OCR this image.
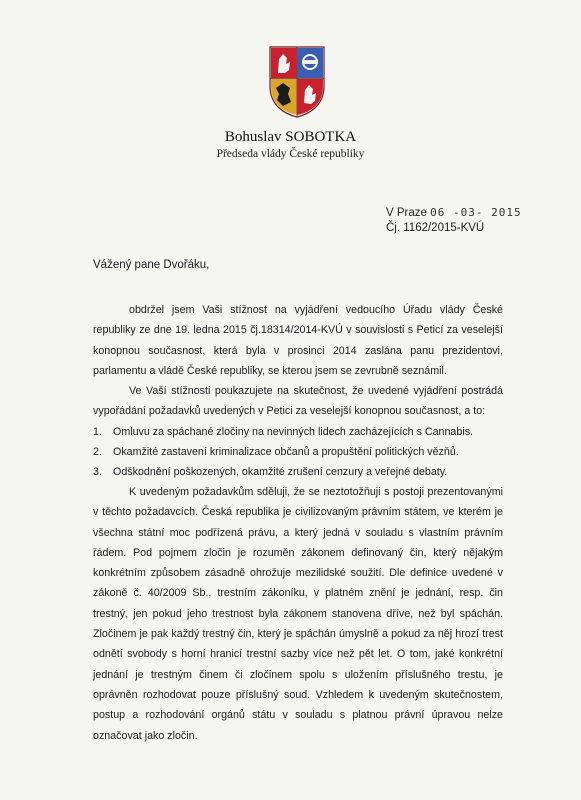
Bohuslav SOBOTKA
Předseda vlády České republiky
V Praze 06 -03- 2015
Čj. 1162/2015-KVÚ
Vážený pane Dvořáku,

obdržel jsem Vaši stížnost na vyjádření vedoucího Úřadu vlády České republiky ze dne 19. ledna 2015 čj.18314/2014-KVÚ v souvislosti s Peticí za veselejší konopnou současnost, která byla v prosinci 2014 zaslána panu prezidentovi, parlamentu a vládě České republiky, se kterou jsem se zevrubně seznámil.

Ve Vaší stížnosti poukazujete na skutečnost, že uvedené vyjádření postrádá vypořádání požadavků uvedených v Petici za veselejší konopnou současnost, a to:

1. Omluvu za spáchané zločiny na nevinných lidech zacházejících s Cannabis.
2. Okamžité zastavení kriminalizace občanů a propuštění politických vězňů.
3. Odškodnění poškozených, okamžité zrušení cenzury a veřejné debaty.

K uvedeným požadavkům sděluji, že se neztotožňuji s postoji prezentovanými v těchto požadavcích. Česká republika je civilizovaným právním státem, ve kterém je všechna státní moc podřízená právu, a který jedná v souladu s vlastním právním řádem. Pod pojmem zločin je rozuměn zákonem definovaný čin, který nějakým konkrétním způsobem zásadně ohrožuje mezilidské soužití. Dle definice uvedené v zákoně č. 40/2009 Sb., trestním zákoníku, v platném znění je jednání, resp. čin trestný, jen pokud jeho trestnost byla zákonem stanovena dříve, než byl spáchán. Zločinem je pak každý trestný čin, který je spáchán úmyslně a pokud za něj hrozí trest odnětí svobody s horní hranicí trestní sazby více než pět let. O tom, jaké konkrétní jednání je trestným činem či zločinem spolu s uložením příslušného trestu, je oprávněn rozhodovat pouze příslušný soud. Vzhledem k uvedeným skutečnostem, postup a rozhodování orgánů státu v souladu s platnou právní úpravou nelze označovat jako zločin.
